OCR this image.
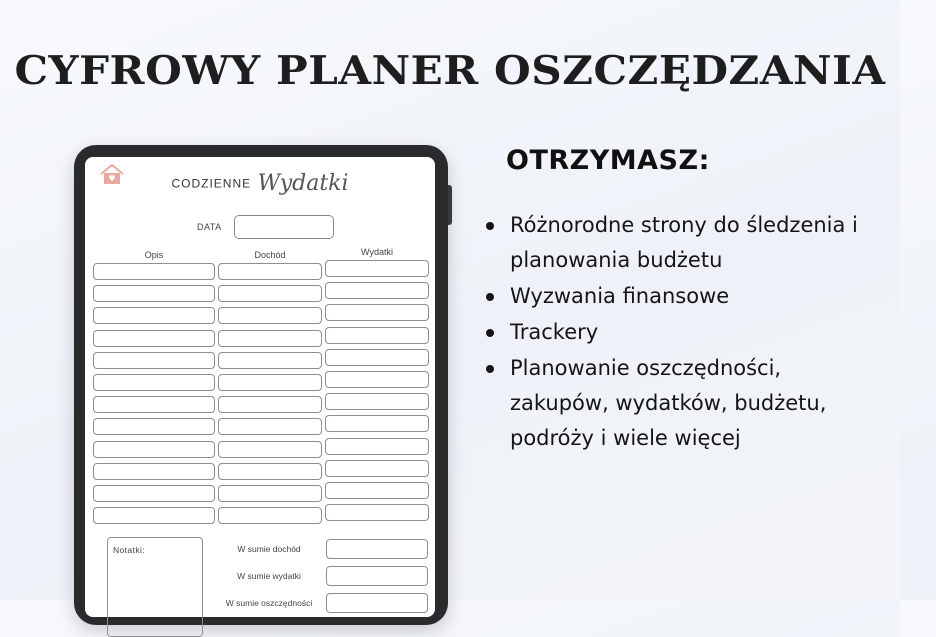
CYFROWY PLANER OSZCZĘDZANIA
CODZIENNE Wydatki
DATA
Opis	Dochód	Wydatki
Notatki:	W sumie dochód
W sumie wydatki
W sumie oszczędności
OTRZYMASZ:
Różnorodne strony do śledzenia i planowania budżetu
Wyzwania finansowe
Trackery
Planowanie oszczędności, zakupów, wydatków, budżetu, podróży i wiele więcej
